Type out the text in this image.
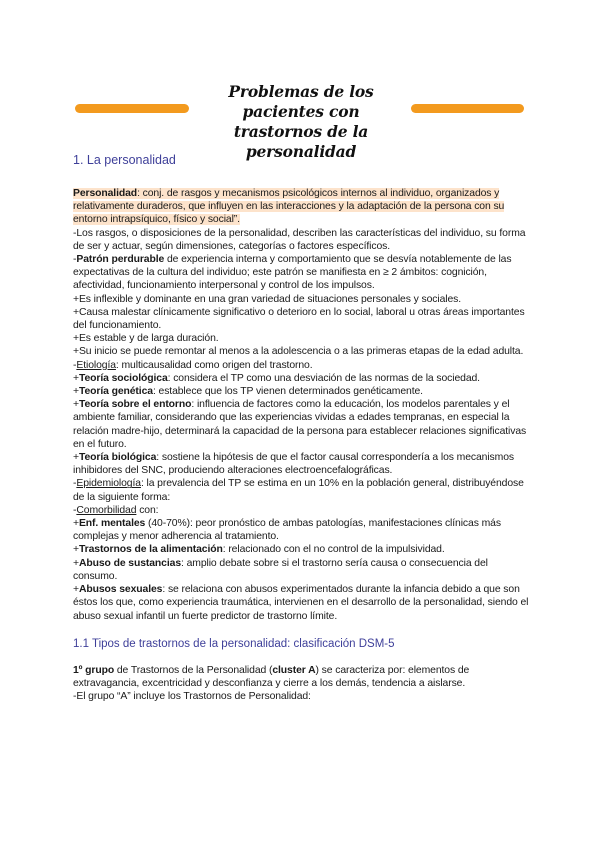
Problemas de los pacientes con
trastornos de la personalidad
1. La personalidad

Personalidad: conj. de rasgos y mecanismos psicológicos internos al individuo, organizados y relativamente duraderos, que influyen en las interacciones y la adaptación de la persona con su entorno intrapsíquico, físico y social”.

-Los rasgos, o disposiciones de la personalidad, describen las características del individuo, su forma de ser y actuar, según dimensiones, categorías o factores específicos.

-Patrón perdurable de experiencia interna y comportamiento que se desvía notablemente de las expectativas de la cultura del individuo; este patrón se manifiesta en ≥ 2 ámbitos: cognición, afectividad, funcionamiento interpersonal y control de los impulsos.

+Es inflexible y dominante en una gran variedad de situaciones personales y sociales.

+Causa malestar clínicamente significativo o deterioro en lo social, laboral u otras áreas importantes del funcionamiento.

+Es estable y de larga duración.

+Su inicio se puede remontar al menos a la adolescencia o a las primeras etapas de la edad adulta.

-Etiología: multicausalidad como origen del trastorno.

+Teoría sociológica: considera el TP como una desviación de las normas de la sociedad.

+Teoría genética: establece que los TP vienen determinados genéticamente.

+Teoría sobre el entorno: influencia de factores como la educación, los modelos parentales y el ambiente familiar, considerando que las experiencias vividas a edades tempranas, en especial la relación madre-hijo, determinará la capacidad de la persona para establecer relaciones significativas en el futuro.

+Teoría biológica: sostiene la hipótesis de que el factor causal correspondería a los mecanismos inhibidores del SNC, produciendo alteraciones electroencefalográficas.

-Epidemiología: la prevalencia del TP se estima en un 10% en la población general, distribuyéndose de la siguiente forma:

-Comorbilidad con:

+Enf. mentales (40-70%): peor pronóstico de ambas patologías, manifestaciones clínicas más complejas y menor adherencia al tratamiento.

+Trastornos de la alimentación: relacionado con el no control de la impulsividad.

+Abuso de sustancias: amplio debate sobre si el trastorno sería causa o consecuencia del consumo.

+Abusos sexuales: se relaciona con abusos experimentados durante la infancia debido a que son éstos los que, como experiencia traumática, intervienen en el desarrollo de la personalidad, siendo el abuso sexual infantil un fuerte predictor de trastorno límite.

1.1 Tipos de trastornos de la personalidad: clasificación DSM-5

1º grupo de Trastornos de la Personalidad (cluster A) se caracteriza por: elementos de extravagancia, excentricidad y desconfianza y cierre a los demás, tendencia a aislarse.

-El grupo “A” incluye los Trastornos de Personalidad:
